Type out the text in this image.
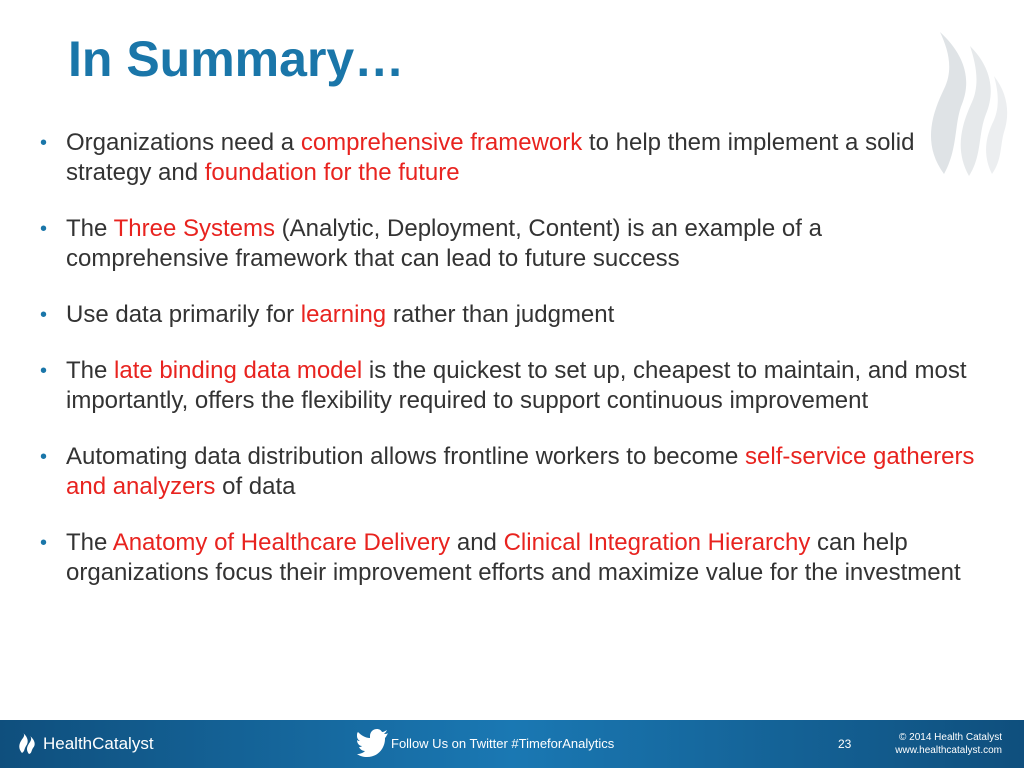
In Summary…
• Organizations need a comprehensive framework to help them implement a solid strategy and foundation for the future
• The Three Systems (Analytic, Deployment, Content) is an example of a comprehensive framework that can lead to future success
• Use data primarily for learning rather than judgment
• The late binding data model is the quickest to set up, cheapest to maintain, and most importantly, offers the flexibility required to support continuous improvement
• Automating data distribution allows frontline workers to become self-service gatherers and analyzers of data
• The Anatomy of Healthcare Delivery and Clinical Integration Hierarchy can help organizations focus their improvement efforts and maximize value for the investment
HealthCatalyst	Follow Us on Twitter #TimeforAnalytics	23	© 2014 Health Catalyst
www.healthcatalyst.com
